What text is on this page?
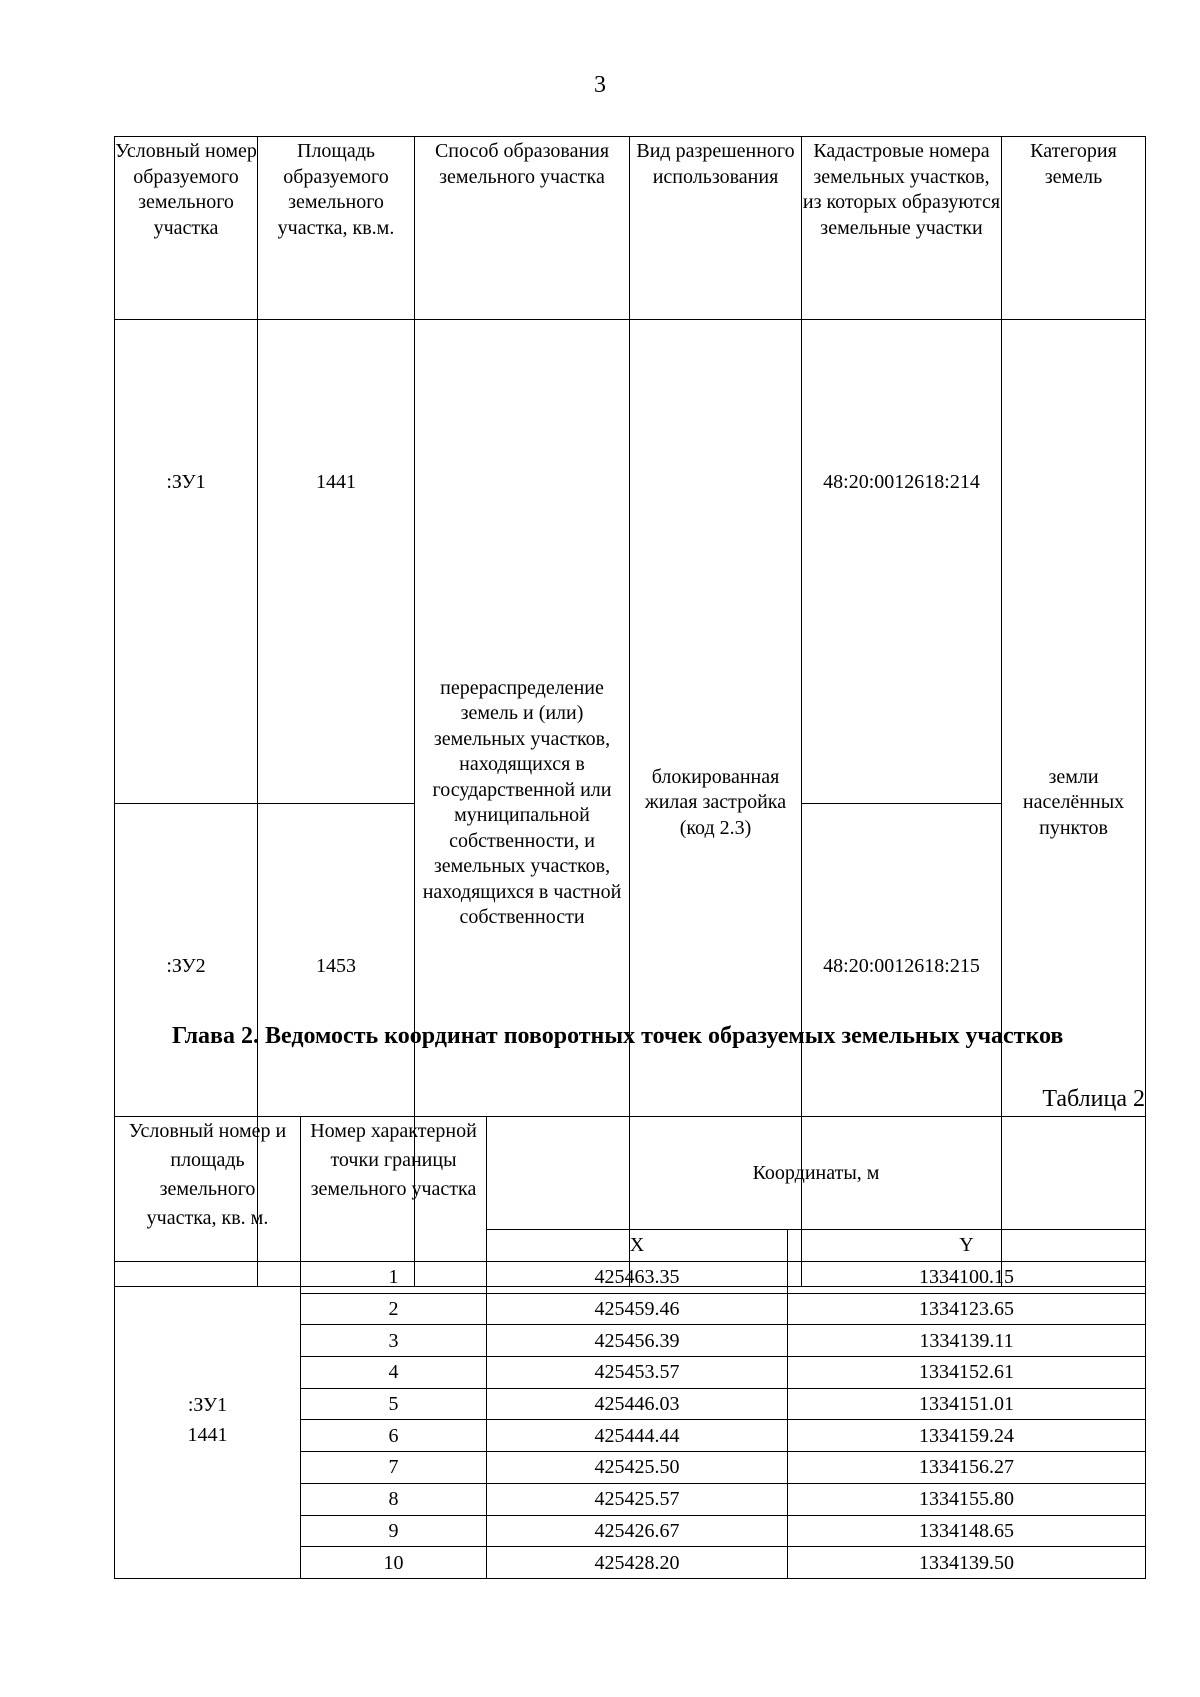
3
Условный номер образуемого земельного участка	Площадь образуемого земельного участка, кв.м.	Способ образования земельного участка	Вид разрешенного использования	Кадастровые номера земельных участков, из которых образуются земельные участки	Категория земель
:ЗУ1	1441	перераспределение земель и (или) земельных участков, находящихся в государственной или муниципальной собственности, и земельных участков, находящихся в частной собственности	блокированная жилая застройка (код 2.3)	48:20:0012618:214	земли населённых пунктов
:ЗУ2	1453			48:20:0012618:215	
Глава 2. Ведомость координат поворотных точек образуемых земельных участков
Таблица 2
Условный номер и площадь земельного участка, кв. м.	Номер характерной точки границы земельного участка	Координаты, м	
		X	Y

:ЗУ1
1441	1	425463.35	1334100.15
	2	425459.46	1334123.65
	3	425456.39	1334139.11
	4	425453.57	1334152.61
	5	425446.03	1334151.01
	6	425444.44	1334159.24
	7	425425.50	1334156.27
	8	425425.57	1334155.80
	9	425426.67	1334148.65
	10	425428.20	1334139.50
